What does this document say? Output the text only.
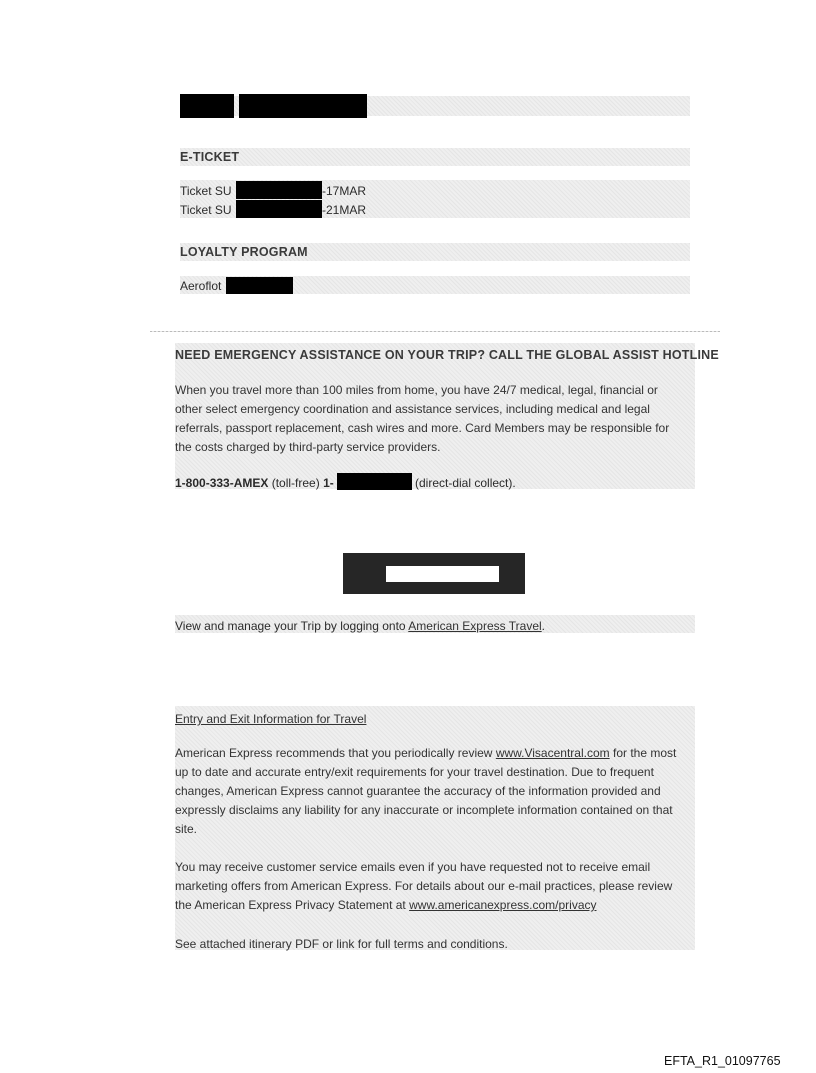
E-TICKET
Ticket SU	-17MAR
Ticket SU	-21MAR
LOYALTY PROGRAM
Aeroflot
NEED EMERGENCY ASSISTANCE ON YOUR TRIP? CALL THE GLOBAL ASSIST HOTLINE
When you travel more than 100 miles from home, you have 24/7 medical, legal, financial or
other select emergency coordination and assistance services, including medical and legal
referrals, passport replacement, cash wires and more. Card Members may be responsible for
the costs charged by third-party service providers.
1-800-333-AMEX (toll-free) 1-	(direct-dial collect).
View and manage your Trip by logging onto American Express Travel.
Entry and Exit Information for Travel
American Express recommends that you periodically review www.Visacentral.com for the most
up to date and accurate entry/exit requirements for your travel destination. Due to frequent
changes, American Express cannot guarantee the accuracy of the information provided and
expressly disclaims any liability for any inaccurate or incomplete information contained on that
site.
You may receive customer service emails even if you have requested not to receive email
marketing offers from American Express. For details about our e-mail practices, please review
the American Express Privacy Statement at www.americanexpress.com/privacy
See attached itinerary PDF or link for full terms and conditions.
EFTA_R1_01097765
